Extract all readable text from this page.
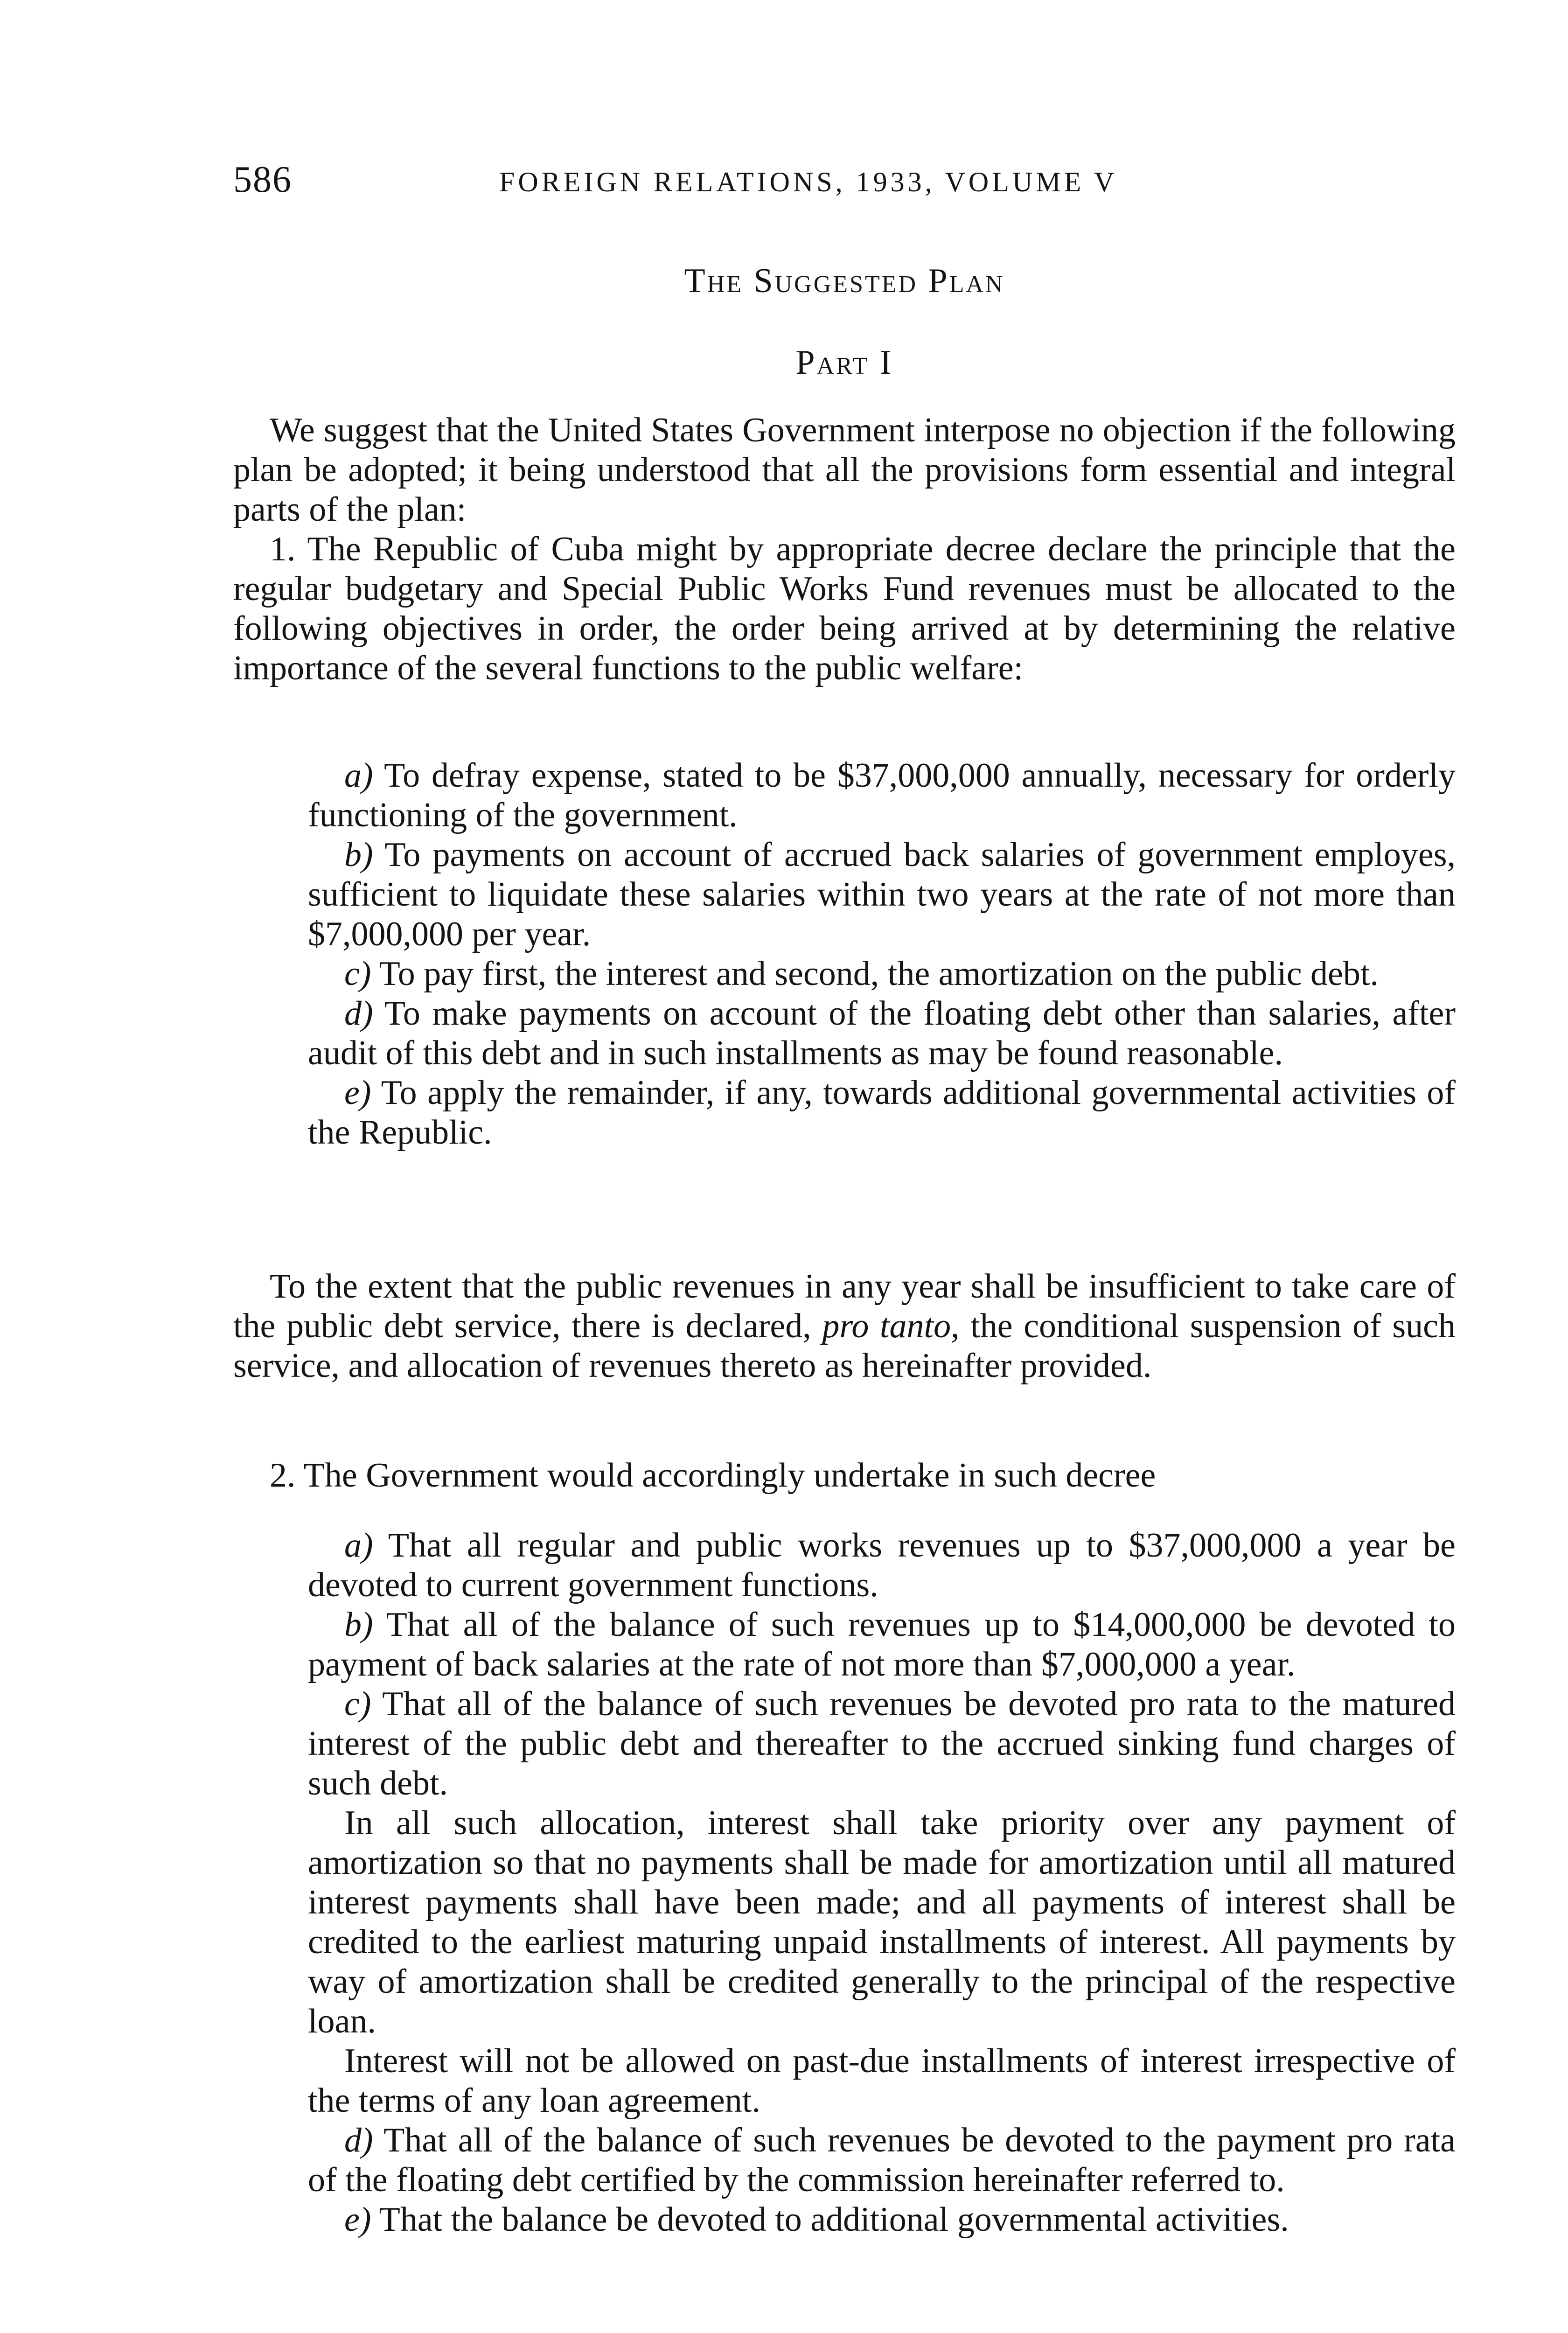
586	FOREIGN RELATIONS, 1933, VOLUME V
The Suggested Plan
Part I

We suggest that the United States Government interpose no objection if the following plan be adopted; it being understood that all the provisions form essential and integral parts of the plan:

1. The Republic of Cuba might by appropriate decree declare the principle that the regular budgetary and Special Public Works Fund revenues must be allocated to the following objectives in order, the order being arrived at by determining the relative importance of the several functions to the public welfare:

a) To defray expense, stated to be $37,000,000 annually, necessary for orderly functioning of the government.

b) To payments on account of accrued back salaries of government employes, sufficient to liquidate these salaries within two years at the rate of not more than $7,000,000 per year.

c) To pay first, the interest and second, the amortization on the public debt.

d) To make payments on account of the floating debt other than salaries, after audit of this debt and in such installments as may be found reasonable.

e) To apply the remainder, if any, towards additional governmental activities of the Republic.

To the extent that the public revenues in any year shall be insufficient to take care of the public debt service, there is declared, pro tanto, the conditional suspension of such service, and allocation of revenues thereto as hereinafter provided.

2. The Government would accordingly undertake in such decree

a) That all regular and public works revenues up to $37,000,000 a year be devoted to current government functions.

b) That all of the balance of such revenues up to $14,000,000 be devoted to payment of back salaries at the rate of not more than $7,000,000 a year.

c) That all of the balance of such revenues be devoted pro rata to the matured interest of the public debt and thereafter to the accrued sinking fund charges of such debt.

In all such allocation, interest shall take priority over any payment of amortization so that no payments shall be made for amortization until all matured interest payments shall have been made; and all payments of interest shall be credited to the earliest maturing unpaid installments of interest. All payments by way of amortization shall be credited generally to the principal of the respective loan.

Interest will not be allowed on past-due installments of interest irrespective of the terms of any loan agreement.

d) That all of the balance of such revenues be devoted to the payment pro rata of the floating debt certified by the commission hereinafter referred to.

e) That the balance be devoted to additional governmental activities.
